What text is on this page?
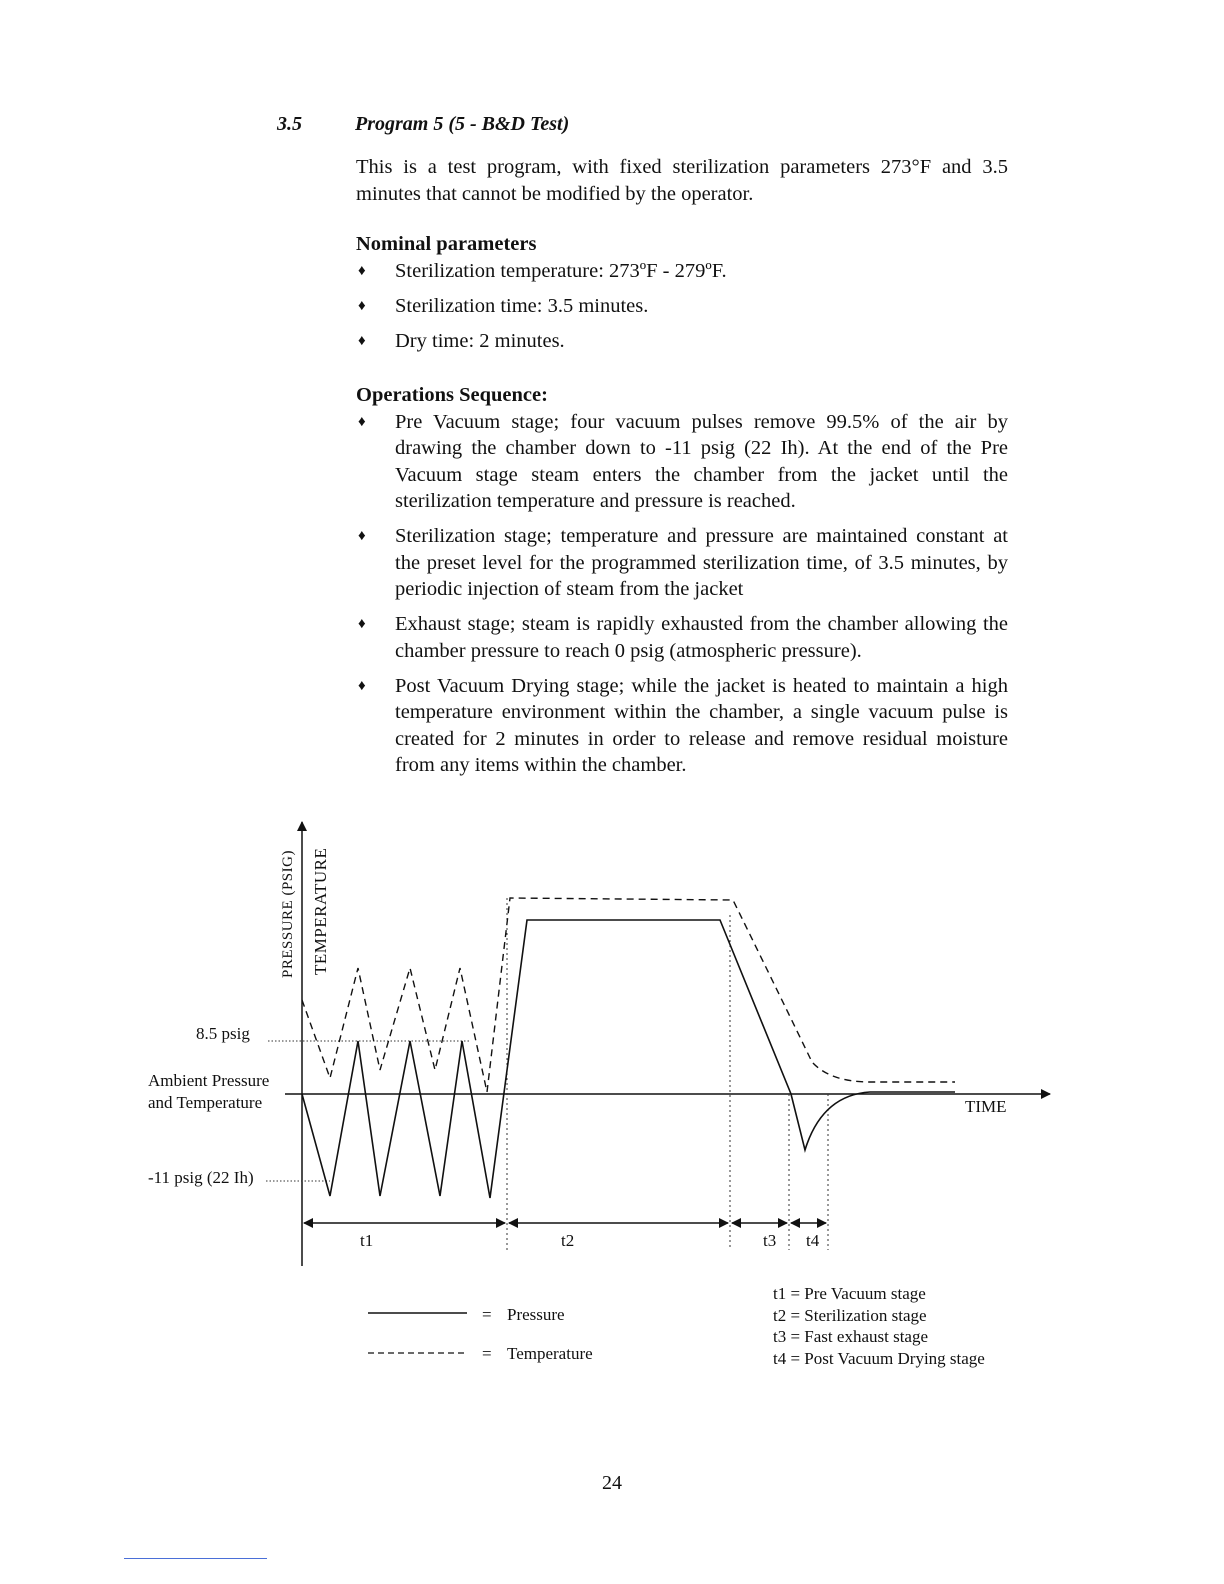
3.5	Program 5 (5 - B&D Test)

This is a test program, with fixed sterilization parameters 273°F and 3.5 minutes that cannot be modified by the operator.

Nominal parameters

♦ Sterilization temperature: 273ºF - 279ºF.
♦ Sterilization time: 3.5 minutes.
♦ Dry time: 2 minutes.

Operations Sequence:

♦ Pre Vacuum stage; four vacuum pulses remove 99.5% of the air by drawing the chamber down to -11 psig (22 Ih). At the end of the Pre Vacuum stage steam enters the chamber from the jacket until the sterilization temperature and pressure is reached.
♦ Sterilization stage; temperature and pressure are maintained constant at the preset level for the programmed sterilization time, of 3.5 minutes, by periodic injection of steam from the jacket
♦ Exhaust stage; steam is rapidly exhausted from the chamber allowing the chamber pressure to reach 0 psig (atmospheric pressure).
♦ Post Vacuum Drying stage; while the jacket is heated to maintain a high temperature environment within the chamber, a single vacuum pulse is created for 2 minutes in order to release and remove residual moisture from any items within the chamber.
PRESSURE (PSIG) TEMPERATURE
TIME
8.5 psig
Ambient Pressure
and Temperature
-11 psig (22 Ih)
t1	t2	t3 t4
= Pressure
= Temperature
t1 = Pre Vacuum stage
t2 = Sterilization stage
t3 = Fast exhaust stage
t4 = Post Vacuum Drying stage
24
